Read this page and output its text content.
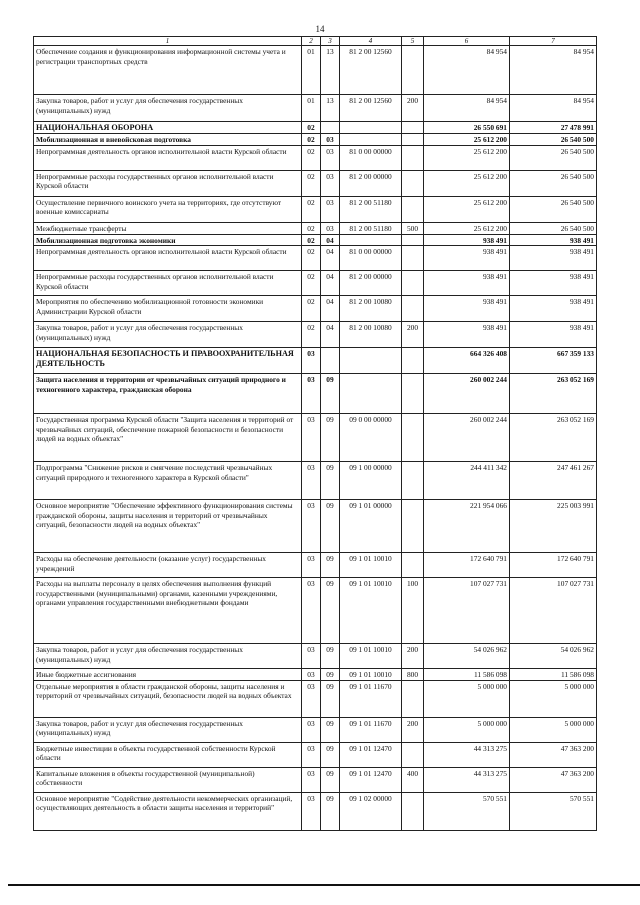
14
1	2	3	4	5	6	7
Обеспечение создания и функционирования информационной системы учета и регистрации транспортных средств	01	13	81 2 00 12560		84 954	84 954
Закупка товаров, работ и услуг для обеспечения государственных (муниципальных) нужд	01	13	81 2 00 12560	200	84 954	84 954
НАЦИОНАЛЬНАЯ ОБОРОНА	02				26 550 691	27 478 991
Мобилизационная и вневойсковая подготовка	02	03			25 612 200	26 540 500
Непрограммная деятельность органов исполнительной власти Курской области	02	03	81 0 00 00000		25 612 200	26 540 500
Непрограммные расходы государственных органов исполнительной власти Курской области	02	03	81 2 00 00000		25 612 200	26 540 500
Осуществление первичного воинского учета на территориях, где отсутствуют военные комиссариаты	02	03	81 2 00 51180		25 612 200	26 540 500
Межбюджетные трансферты	02	03	81 2 00 51180	500	25 612 200	26 540 500
Мобилизационная подготовка экономики	02	04			938 491	938 491
Непрограммная деятельность органов исполнительной власти Курской области	02	04	81 0 00 00000		938 491	938 491
Непрограммные расходы государственных органов исполнительной власти Курской области	02	04	81 2 00 00000		938 491	938 491
Мероприятия по обеспечению мобилизационной готовности экономики Администрации Курской области	02	04	81 2 00 10080		938 491	938 491
Закупка товаров, работ и услуг для обеспечения государственных (муниципальных) нужд	02	04	81 2 00 10080	200	938 491	938 491
НАЦИОНАЛЬНАЯ БЕЗОПАСНОСТЬ И ПРАВООХРАНИТЕЛЬНАЯ ДЕЯТЕЛЬНОСТЬ	03				664 326 408	667 359 133
Защита населения и территории от чрезвычайных ситуаций природного и техногенного характера, гражданская оборона	03	09			260 002 244	263 052 169
Государственная программа Курской области "Защита населения и территорий от чрезвычайных ситуаций, обеспечение пожарной безопасности и безопасности людей на водных объектах"	03	09	09 0 00 00000		260 002 244	263 052 169
Подпрограмма "Снижение рисков и смягчение последствий чрезвычайных ситуаций природного и техногенного характера в Курской области"	03	09	09 1 00 00000		244 411 342	247 461 267
Основное мероприятие "Обеспечение эффективного функционирования системы гражданской обороны, защиты населения и территорий от чрезвычайных ситуаций, безопасности людей на водных объектах"	03	09	09 1 01 00000		221 954 066	225 003 991
Расходы на обеспечение деятельности (оказание услуг) государственных учреждений	03	09	09 1 01 10010		172 640 791	172 640 791
Расходы на выплаты персоналу в целях обеспечения выполнения функций государственными (муниципальными) органами, казенными учреждениями, органами управления государственными внебюджетными фондами	03	09	09 1 01 10010	100	107 027 731	107 027 731
Закупка товаров, работ и услуг для обеспечения государственных (муниципальных) нужд	03	09	09 1 01 10010	200	54 026 962	54 026 962
Иные бюджетные ассигнования	03	09	09 1 01 10010	800	11 586 098	11 586 098
Отдельные мероприятия в области гражданской обороны, защиты населения и территорий от чрезвычайных ситуаций, безопасности людей на водных объектах	03	09	09 1 01 11670		5 000 000	5 000 000
Закупка товаров, работ и услуг для обеспечения государственных (муниципальных) нужд	03	09	09 1 01 11670	200	5 000 000	5 000 000
Бюджетные инвестиции в объекты государственной собственности Курской области	03	09	09 1 01 12470		44 313 275	47 363 200
Капитальные вложения в объекты государственной (муниципальной) собственности	03	09	09 1 01 12470	400	44 313 275	47 363 200
Основное мероприятие "Содействие деятельности некоммерческих организаций, осуществляющих деятельность в области защиты населения и территорий"	03	09	09 1 02 00000		570 551	570 551
